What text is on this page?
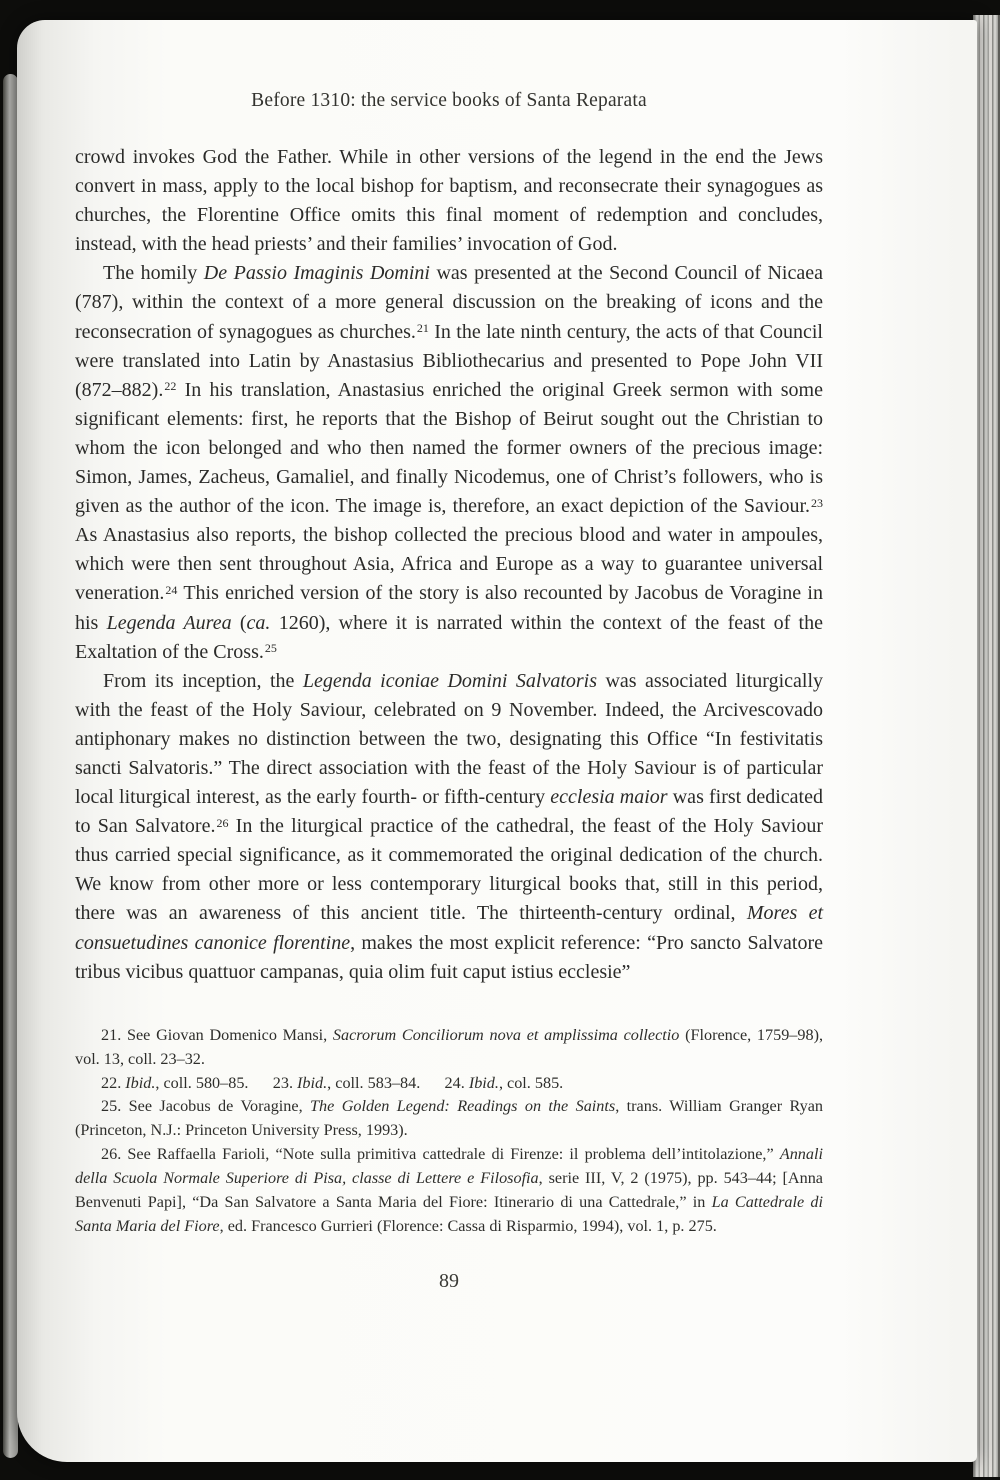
Before 1310: the service books of Santa Reparata

crowd invokes God the Father. While in other versions of the legend in the end the Jews convert in mass, apply to the local bishop for baptism, and reconsecrate their synagogues as churches, the Florentine Office omits this final moment of redemption and concludes, instead, with the head priests’ and their families’ invocation of God.

The homily De Passio Imaginis Domini was presented at the Second Council of Nicaea (787), within the context of a more general discussion on the breaking of icons and the reconsecration of synagogues as churches.$^{21}$ In the late ninth century, the acts of that Council were translated into Latin by Anastasius Bibliothecarius and presented to Pope John VII (872–882).$^{22}$ In his translation, Anastasius enriched the original Greek sermon with some significant elements: first, he reports that the Bishop of Beirut sought out the Christian to whom the icon belonged and who then named the former owners of the precious image: Simon, James, Zacheus, Gamaliel, and finally Nicodemus, one of Christ’s followers, who is given as the author of the icon. The image is, therefore, an exact depiction of the Saviour.$^{23}$ As Anastasius also reports, the bishop collected the precious blood and water in ampoules, which were then sent throughout Asia, Africa and Europe as a way to guarantee universal veneration.$^{24}$ This enriched version of the story is also recounted by Jacobus de Voragine in his Legenda Aurea (ca. 1260), where it is narrated within the context of the feast of the Exaltation of the Cross.$^{25}$

From its inception, the Legenda iconiae Domini Salvatoris was associated liturgically with the feast of the Holy Saviour, celebrated on 9 November. Indeed, the Arcivescovado antiphonary makes no distinction between the two, designating this Office “In festivitatis sancti Salvatoris.” The direct association with the feast of the Holy Saviour is of particular local liturgical interest, as the early fourth- or fifth-century ecclesia maior was first dedicated to San Salvatore.$^{26}$ In the liturgical practice of the cathedral, the feast of the Holy Saviour thus carried special significance, as it commemorated the original dedication of the church. We know from other more or less contemporary liturgical books that, still in this period, there was an awareness of this ancient title. The thirteenth-century ordinal, Mores et consuetudines canonice florentine, makes the most explicit reference: “Pro sancto Salvatore tribus vicibus quattuor campanas, quia olim fuit caput istius ecclesie”

21. See Giovan Domenico Mansi, Sacrorum Conciliorum nova et amplissima collectio (Florence, 1759–98), vol. 13, coll. 23–32.

22. Ibid., coll. 580–85.  23. Ibid., coll. 583–84.  24. Ibid., col. 585.

25. See Jacobus de Voragine, The Golden Legend: Readings on the Saints, trans. William Granger Ryan (Princeton, N.J.: Princeton University Press, 1993).

26. See Raffaella Farioli, “Note sulla primitiva cattedrale di Firenze: il problema dell’intitolazione,” Annali della Scuola Normale Superiore di Pisa, classe di Lettere e Filosofia, serie III, V, 2 (1975), pp. 543–44; [Anna Benvenuti Papi], “Da San Salvatore a Santa Maria del Fiore: Itinerario di una Cattedrale,” in La Cattedrale di Santa Maria del Fiore, ed. Francesco Gurrieri (Florence: Cassa di Risparmio, 1994), vol. 1, p. 275.

89
